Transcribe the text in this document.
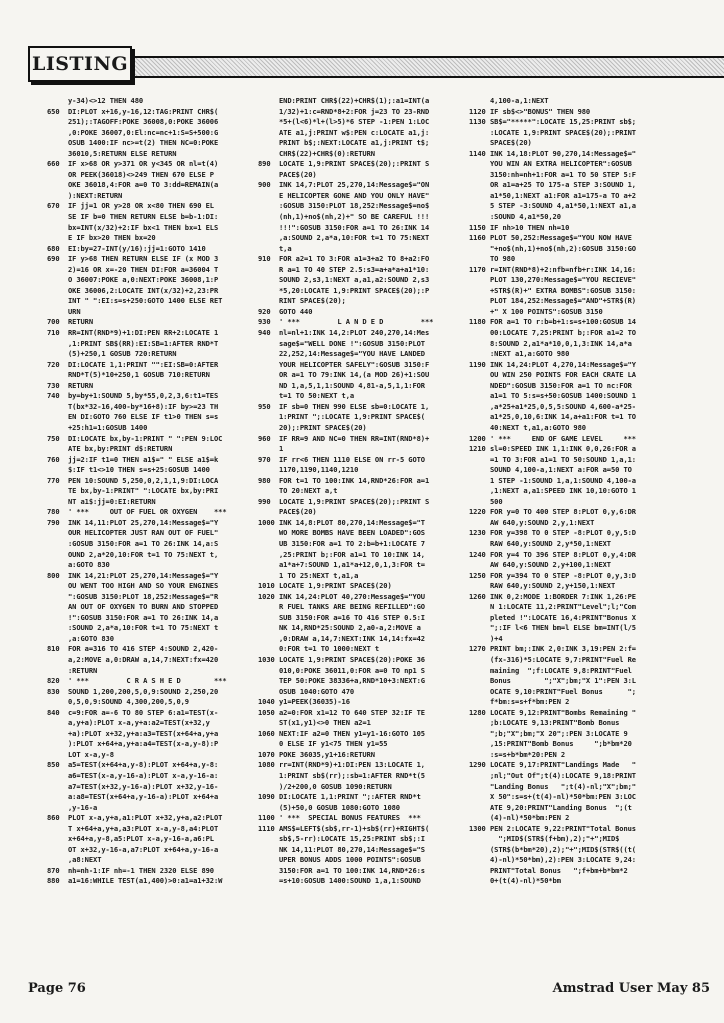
LISTING
y-34)<>12 THEN 480
650	DI:PLOT x+16,y-16,12:TAG:PRINT CHR$(
251);:TAGOFF:POKE 36008,0:POKE 36006
,0:POKE 36007,0:El:nc=nc+1:S=S+500:G
OSUB 1400:IF nc>=t(2) THEN NC=0:POKE
36010,5:RETURN ELSE RETURN
660	IF x>68 OR y>371 OR y<345 OR nl=t(4)
OR PEEK(36018)<>249 THEN 670 ELSE P
OKE 36018,4:FOR a=0 TO 3:dd=REMAIN(a
):NEXT:RETURN
670	IF jj=1 OR y>28 OR x<80 THEN 690 EL
SE IF b=0 THEN RETURN ELSE b=b-1:DI:
bx=INT(x/32)+2:IF bx<1 THEN bx=1 ELS
E IF bx>20 THEN bx=20
680	EI:by=27-INT(y/16):jj=1:GOTO 1410
690	IF y>68 THEN RETURN ELSE IF (x MOD 3
2)=16 OR x=-20 THEN DI:FOR a=36004 T
O 36007:POKE a,0:NEXT:POKE 36008,1:P
OKE 36006,2:LOCATE INT(x/32)+2,23:PR
INT " ":EI:s=s+250:GOTO 1400 ELSE RET
URN
700	RETURN
710	RR=INT(RND*9)+1:DI:PEN RR+2:LOCATE 1
,1:PRINT SB$(RR):EI:SB=1:AFTER RND*T
(5)+250,1 GOSUB 720:RETURN
720	DI:LOCATE 1,1:PRINT "":EI:SB=0:AFTER
RND*T(5)*10+250,1 GOSUB 710:RETURN
730	RETURN
740	by=by+1:SOUND 5,by*55,0,2,3,6:t1=TES
T(bx*32-16,400-by*16+8):IF by>=23 TH
EN DI:GOTO 760 ELSE IF t1>0 THEN s=s
+25:h1=1:GOSUB 1400
750	DI:LOCATE bx,by-1:PRINT " ":PEN 9:LOC
ATE bx,by:PRINT d$:RETURN
760	jj=2:IF t1=0 THEN a1$=" " ELSE a1$=k
$:IF t1<>10 THEN s=s+25:GOSUB 1400
770	PEN 10:SOUND 5,250,0,2,1,1,9:DI:LOCA
TE bx,by-1:PRINT" ":LOCATE bx,by:PRI
NT a1$:jj=0:EI:RETURN
780	' ***     OUT OF FUEL OR OXYGEN    ***
790	INK 14,11:PLOT 25,270,14:Message$="Y
OUR HELICOPTER JUST RAN OUT OF FUEL"
:GOSUB 3150:FOR a=1 TO 26:INK 14,a:S
OUND 2,a*20,10:FOR t=1 TO 75:NEXT t,
a:GOTO 830
800	INK 14,21:PLOT 25,270,14:Message$="Y
OU WENT TOO HIGH AND SO YOUR ENGINES
":GOSUB 3150:PLOT 18,252:Message$="R
AN OUT OF OXYGEN TO BURN AND STOPPED
!":GOSUB 3150:FOR a=1 TO 26:INK 14,a
:SOUND 2,a*a,10:FOR t=1 TO 75:NEXT t
,a:GOTO 830
810	FOR a=316 TO 416 STEP 4:SOUND 2,420-
a,2:MOVE a,0:DRAW a,14,7:NEXT:fx=420
:RETURN
820	' ***         C R A S H E D        ***
830	SOUND 1,200,200,5,0,9:SOUND 2,250,20
0,5,0,9:SOUND 4,300,200,5,0,9
840	c=9:FOR a=-6 TO 80 STEP 6:a1=TEST(x-
a,y+a):PLOT x-a,y+a:a2=TEST(x+32,y
+a):PLOT x+32,y+a:a3=TEST(x+64+a,y+a
):PLOT x+64+a,y+a:a4=TEST(x-a,y-8):P
LOT x-a,y-8
850	a5=TEST(x+64+a,y-8):PLOT x+64+a,y-8:
a6=TEST(x-a,y-16-a):PLOT x-a,y-16-a:
a7=TEST(x+32,y-16-a):PLOT x+32,y-16-
a:a8=TEST(x+64+a,y-16-a):PLOT x+64+a
,y-16-a
860	PLOT x-a,y+a,a1:PLOT x+32,y+a,a2:PLOT
T x+64+a,y+a,a3:PLOT x-a,y-8,a4:PLOT
x+64+a,y-8,a5:PLOT x-a,y-16-a,a6:PL
OT x+32,y-16-a,a7:PLOT x+64+a,y-16-a
,a8:NEXT
870	nh=nh-1:IF nh=-1 THEN 2320 ELSE 890
880	a1=16:WHILE TEST(a1,400)>0:a1=a1+32:W
END:PRINT CHR$(22)+CHR$(1);:a1=INT(a
1/32)+1:c=RND*8+2:FOR j=23 TO 23-RND
*5+(l<6)*l+(l>5)*6 STEP -1:PEN 1:LOC
ATE a1,j:PRINT w$:PEN c:LOCATE a1,j:
PRINT b$;:NEXT:LOCATE a1,j:PRINT t$;
CHR$(22)+CHR$(0):RETURN
890	LOCATE 1,9:PRINT SPACE$(20);:PRINT S
PACE$(20)
900	INK 14,7:PLOT 25,270,14:Message$="ON
E HELICOPTER GONE AND YOU ONLY HAVE"
:GOSUB 3150:PLOT 18,252:Message$=no$
(nh,1)+no$(nh,2)+" SO BE CAREFUL !!!
!!!":GOSUB 3150:FOR a=1 TO 26:INK 14
,a:SOUND 2,a*a,10:FOR t=1 TO 75:NEXT
t,a
910	FOR a2=1 TO 3:FOR a1=3+a2 TO 8+a2:FO
R a=1 TO 40 STEP 2.5:s3=a+a*a+a1*10:
SOUND 2,s3,1:NEXT a,a1,a2:SOUND 2,s3
*5,20:LOCATE 1,9:PRINT SPACE$(20);:P
RINT SPACE$(20);
920	GOTO 440
930	' ***         L A N D E D         ***
940	nl=nl+1:INK 14,2:PLOT 240,270,14:Mes
sage$="WELL DONE !":GOSUB 3150:PLOT
22,252,14:Message$="YOU HAVE LANDED
YOUR HELICOPTER SAFELY":GOSUB 3150:F
OR a=1 TO 79:INK 14,(a MOD 26)+1:SOU
ND 1,a,5,1,1:SOUND 4,81-a,5,1,1:FOR
t=1 TO 50:NEXT t,a
950	IF sb=0 THEN 990 ELSE sb=0:LOCATE 1,
1:PRINT ";:LOCATE 1,9:PRINT SPACE$(
20);:PRINT SPACE$(20)
960	IF RR=9 AND NC=0 THEN RR=INT(RND*8)+
1
970	IF rr<6 THEN 1110 ELSE ON rr-5 GOTO
1170,1190,1140,1210
980	FOR t=1 TO 100:INK 14,RND*26:FOR a=1
TO 20:NEXT a,t
990	LOCATE 1,9:PRINT SPACE$(20);:PRINT S
PACE$(20)
1000 INK 14,8:PLOT 80,270,14:Message$="T
WO MORE BOMBS HAVE BEEN LOADED":GOS
UB 3150:FOR a=1 TO 2:b=b+1:LOCATE 7
,25:PRINT b;:FOR a1=1 TO 10:INK 14,
a1*a+7:SOUND 1,a1*a+12,0,1,3:FOR t=
1 TO 25:NEXT t,a1,a
1010 LOCATE 1,9:PRINT SPACE$(20)
1020 INK 14,24:PLOT 40,270:Message$="YOU
R FUEL TANKS ARE BEING REFILLED":GO
SUB 3150:FOR a=16 TO 416 STEP 0.5:I
NK 14,RND*25:SOUND 2,a0-a,2:MOVE a
,0:DRAW a,14,7:NEXT:INK 14,14:fx=42
0:FOR t=1 TO 1000:NEXT t
1030 LOCATE 1,9:PRINT SPACE$(20):POKE 36
010,0:POKE 36011,0:FOR a=0 TO np1 S
TEP 50:POKE 38336+a,RND*10+3:NEXT:G
OSUB 1040:GOTO 470
1040 y1=PEEK(36035)-16
1050 a2=0:FOR x1=12 TO 640 STEP 32:IF TE
ST(x1,y1)<>0 THEN a2=1
1060 NEXT:IF a2=0 THEN y1=y1-16:GOTO 105
0 ELSE IF y1<75 THEN y1=55
1070 POKE 36035,y1+16:RETURN
1080 rr=INT(RND*9)+1:DI:PEN 13:LOCATE 1,
1:PRINT sb$(rr);:sb=1:AFTER RND*t(5
)/2+200,0 GOSUB 1090:RETURN
1090 DI:LOCATE 1,1:PRINT ";:AFTER RND*t
(5)+50,0 GOSUB 1080:GOTO 1080
1100 ' ***  SPECIAL BONUS FEATURES  ***
1110 AMS$=LEFT$(sb$,rr-1)+sb$(rr)+RIGHT$(
sb$,5-rr):LOCATE 15,25:PRINT sb$;:I
NK 14,11:PLOT 80,270,14:Message$="S
UPER BONUS ADDS 1000 POINTS":GOSUB
3150:FOR a=1 TO 100:INK 14,RND*26:s
=s+10:GOSUB 1400:SOUND 1,a,1:SOUND
4,100-a,1:NEXT
1120 IF sb$<>"BONUS" THEN 980
1130 SB$="*****":LOCATE 15,25:PRINT sb$;
:LOCATE 1,9:PRINT SPACE$(20);:PRINT
SPACE$(20)
1140 INK 14,18:PLOT 90,270,14:Message$="
YOU WIN AN EXTRA HELICOPTER":GOSUB
3150:nh=nh+1:FOR a=1 TO 50 STEP 5:F
OR a1=a+25 TO 175-a STEP 3:SOUND 1,
a1*50,1:NEXT a1:FOR a1=175-a TO a+2
5 STEP -3:SOUND 4,a1*50,1:NEXT a1,a
:SOUND 4,a1*50,20
1150 IF nh>10 THEN nh=10
1160 PLOT 50,252:Message$="YOU NOW HAVE
"+no$(nh,1)+no$(nh,2):GOSUB 3150:GO
TO 980
1170 r=INT(RND*8)+2:nfb=nfb+r:INK 14,16:
PLOT 130,270:Message$="YOU RECIEVE"
+STR$(R)+" EXTRA BOMBS":GOSUB 3150:
PLOT 184,252:Message$="AND"+STR$(R)
+" X 100 POINTS":GOSUB 3150
1180 FOR a=1 TO r:b=b+1:s=s+100:GOSUB 14
00:LOCATE 7,25:PRINT b;:FOR a1=2 TO
8:SOUND 2,a1*a*10,0,1,3:INK 14,a*a
:NEXT a1,a:GOTO 980
1190 INK 14,24:PLOT 4,270,14:Message$="Y
OU WIN 250 POINTS FOR EACH CRATE LA
NDED":GOSUB 3150:FOR a=1 TO nc:FOR
a1=1 TO 5:s=s+50:GOSUB 1400:SOUND 1
,a*25+a1*25,0,5,5:SOUND 4,600-a*25-
a1*25,0,10,6:INK 14,a+a1:FOR t=1 TO
40:NEXT t,a1,a:GOTO 980
1200 ' ***     END OF GAME LEVEL     ***
1210 sl=0:SPEED INK 1,1:INK 0,0,26:FOR a
=1 TO 3:FOR a1=1 TO 50:SOUND 1,a,1:
SOUND 4,100-a,1:NEXT a:FOR a=50 TO
1 STEP -1:SOUND 1,a,1:SOUND 4,100-a
,1:NEXT a,a1:SPEED INK 10,10:GOTO 1
500
1220 FOR y=0 TO 400 STEP 8:PLOT 0,y,6:DR
AW 640,y:SOUND 2,y,1:NEXT
1230 FOR y=398 TO 0 STEP -8:PLOT 0,y,5:D
RAW 640,y:SOUND 2,y*50,1:NEXT
1240 FOR y=4 TO 396 STEP 8:PLOT 0,y,4:DR
AW 640,y:SOUND 2,y+100,1:NEXT
1250 FOR y=394 TO 0 STEP -8:PLOT 0,y,3:D
RAW 640,y:SOUND 2,y+150,1:NEXT
1260 INK 0,2:MODE 1:BORDER 7:INK 1,26:PE
N 1:LOCATE 11,2:PRINT"Level";l;"Com
pleted !":LOCATE 16,4:PRINT"Bonus X
";:IF l<6 THEN bm=l ELSE bm=INT(l/5
)+4
1270 PRINT bm;:INK 2,0:INK 3,19:PEN 2:f=
(fx-316)*5:LOCATE 9,7:PRINT"Fuel Re
maining  ";f:LOCATE 9,8:PRINT"Fuel
Bonus        ";"X";bm;"X 1":PEN 3:L
OCATE 9,10:PRINT"Fuel Bonus      ";
f*bm:s=s+f*bm:PEN 2
1280 LOCATE 9,12:PRINT"Bombs Remaining "
;b:LOCATE 9,13:PRINT"Bomb Bonus
";b;"X";bm;"X 20";:PEN 3:LOCATE 9
,15:PRINT"Bomb Bonus     ";b*bm*20
:s=s+b*bm*20:PEN 2
1290 LOCATE 9,17:PRINT"Landings Made   "
;nl;"Out Of";t(4):LOCATE 9,18:PRINT
"Landing Bonus   ";t(4)-nl;"X";bm;"
X 50":s=s+(t(4)-nl)*50*bm:PEN 3:LOC
ATE 9,20:PRINT"Landing Bonus  ";(t
(4)-nl)*50*bm:PEN 2
1300 PEN 2:LOCATE 9,22:PRINT"Total Bonus
";MID$(STR$(f+bm),2);"+";MID$
(STR$(b*bm*20),2);"+";MID$(STR$((t(
4)-nl)*50*bm),2):PEN 3:LOCATE 9,24:
PRINT"Total Bonus   ";f+bm+b*bm*2
0+(t(4)-nl)*50*bm
Page 76	Amstrad User May 85
